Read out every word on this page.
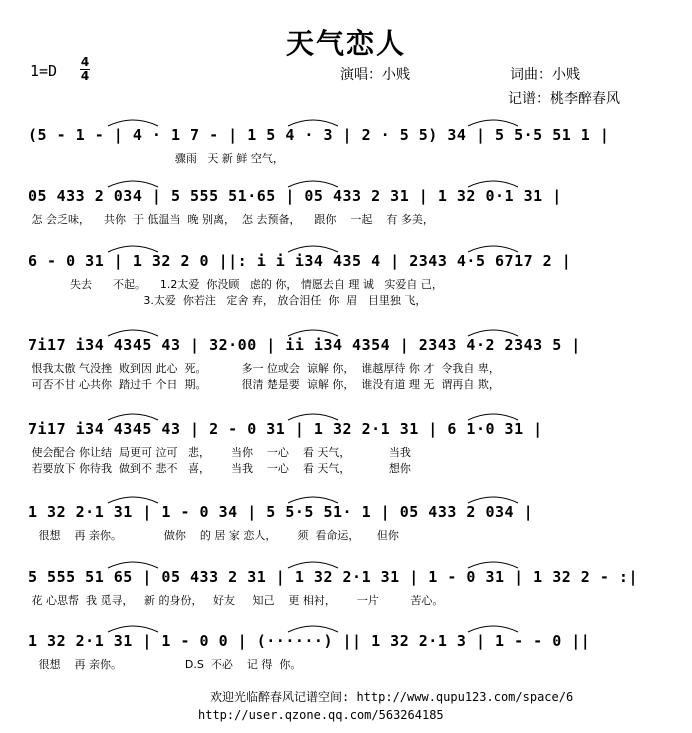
天气恋人
1=D 4
4	演唱：小贱	词曲：小贱
记谱：桃李醉春风
(5 - 1 - | 4 · 1 7 - | 1 5 4 · 3 | 2 · 5 5) 34 | 5 5·5 51 1 |
骤雨   天 新 鲜 空气，
05 433 2 034 | 5 555 51·65 | 05 433 2 31 | 1 32 0·1 31 |
怎 会乏味，    共你  于 低温当  晚 别离，  怎 去预备，    跟你    一起    有 多美，
6 - 0 31 | 1 32 2 0 ||: i i i34 435 4 | 2343 4·5 6717 2 |
失去      不起。    1.2太爱  你没顾   虑的 你， 情愿去自 理 诚   实爱自 己，
3.太爱  你若注   定舍 弃， 放合泪任  你  眉   目里独 飞，
7i17 i34 4345 43 | 32·00 | ii i34 4354 | 2343 4·2 2343 5 |
恨我太傲 气没挫  败到因 此心  死。          多一 位或会  谅解 你，  谁越厚待 你 才  令我自 卑，
可否不甘 心共你  踏过千 个日  期。          很清 楚是要  谅解 你，  谁没有道 理 无  谓再自 欺，
7i17 i34 4345 43 | 2 - 0 31 | 1 32 2·1 31 | 6 1·0 31 |
使会配合 你让结  局更可 泣可   悲，      当你    一心    看 天气，           当我
若要放下 你待我  做到不 悲不   喜，      当我    一心    看 天气，           想你
1 32 2·1 31 | 1 - 0 34 | 5 5·5 51· 1 | 05 433 2 034 |
很想    再 亲你。            做你    的 居 家 恋人，      须  看命运，     但你
5 555 51 65 | 05 433 2 31 | 1 32 2·1 31 | 1 - 0 31 | 1 32 2 - :|
花 心思帮  我 觅寻，   新 的身份，   好友     知己    更 相衬，      一片         苦心。
1 32 2·1 31 | 1 - 0 0 | (······) || 1 32 2·1 3 | 1 - - 0 ||
很想    再 亲你。                  D.S  不必    记 得  你。
欢迎光临醉春风记谱空间: http://www.qupu123.com/space/6
http://user.qzone.qq.com/563264185
